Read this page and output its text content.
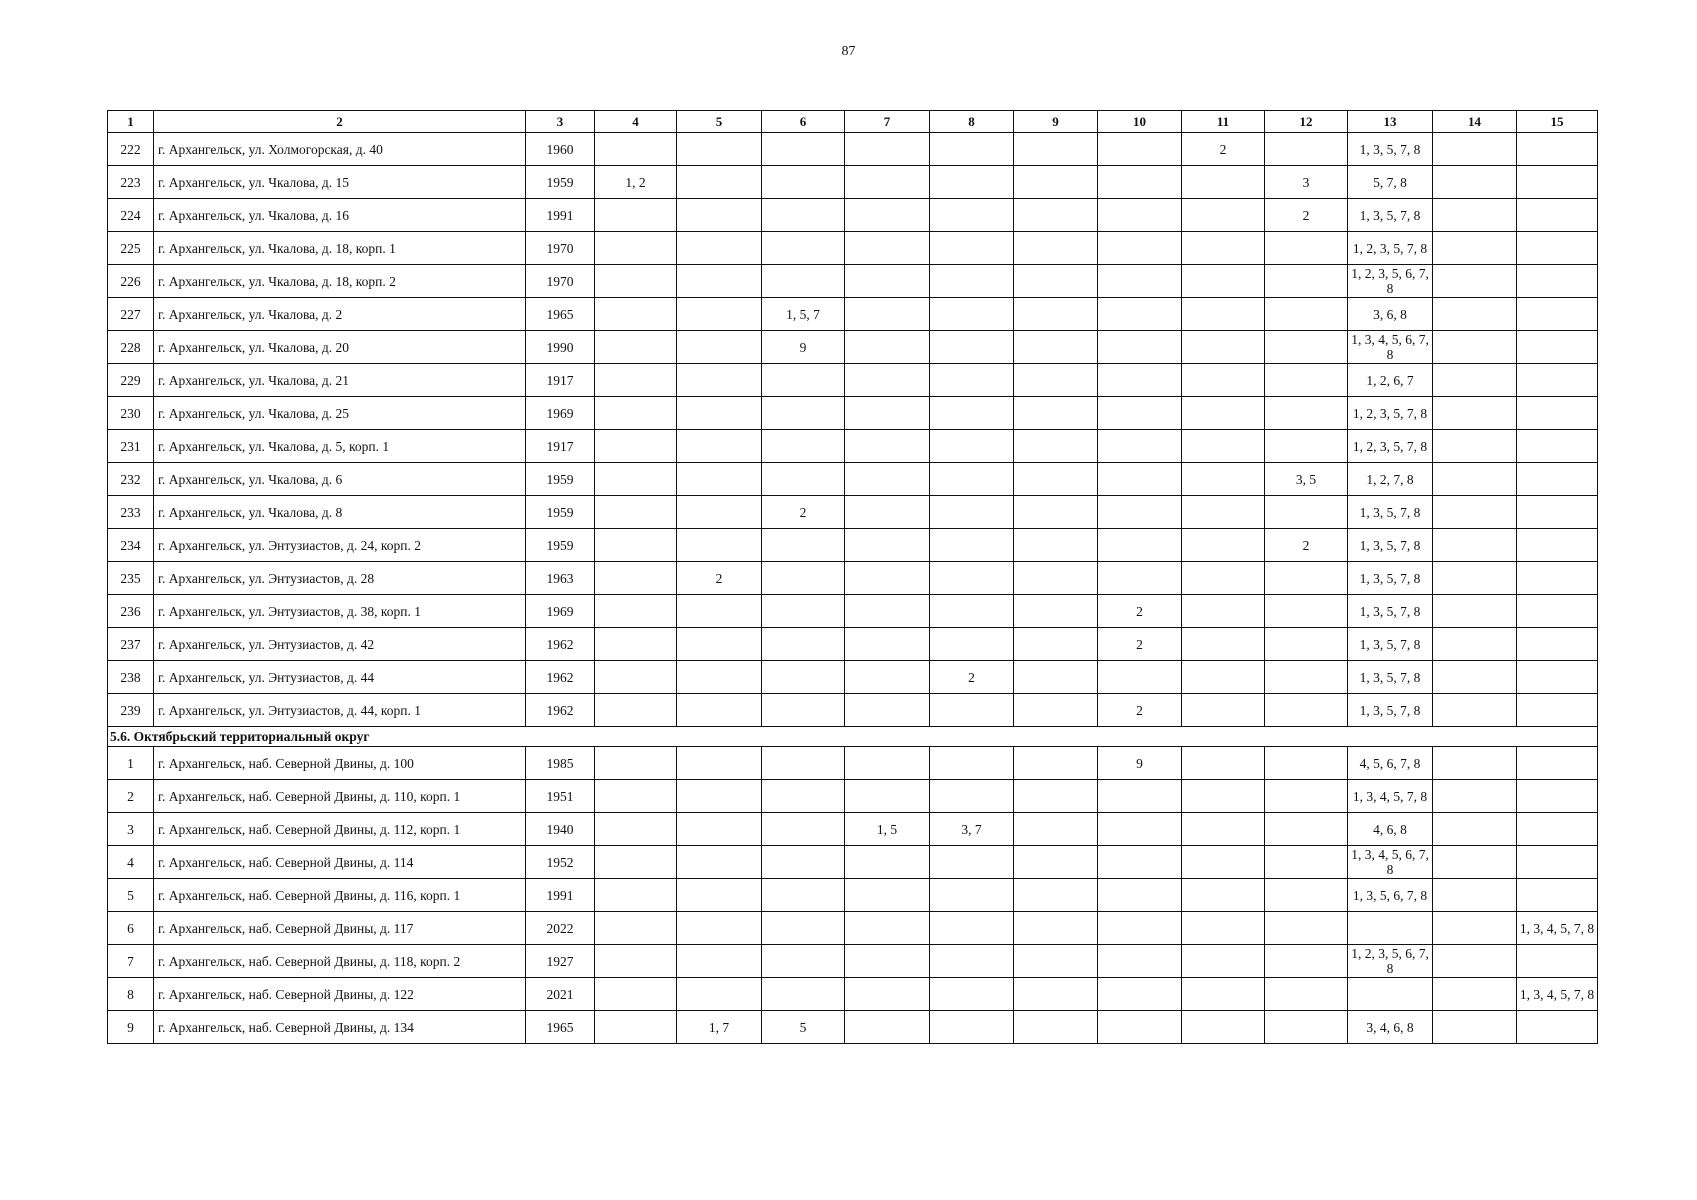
87
1	2	3	4	5	6	7	8	9	10	11	12	13	14	15
222	г. Архангельск, ул. Холмогорская, д. 40	1960								2		1, 3, 5, 7, 8		
223	г. Архангельск, ул. Чкалова, д. 15	1959	1, 2								3	5, 7, 8		
224	г. Архангельск, ул. Чкалова, д. 16	1991									2	1, 3, 5, 7, 8		
225	г. Архангельск, ул. Чкалова, д. 18, корп. 1	1970										1, 2, 3, 5, 7, 8		
226	г. Архангельск, ул. Чкалова, д. 18, корп. 2	1970										1, 2, 3, 5, 6, 7, 8		
227	г. Архангельск, ул. Чкалова, д. 2	1965			1, 5, 7							3, 6, 8		
228	г. Архангельск, ул. Чкалова, д. 20	1990			9							1, 3, 4, 5, 6, 7, 8		
229	г. Архангельск, ул. Чкалова, д. 21	1917										1, 2, 6, 7		
230	г. Архангельск, ул. Чкалова, д. 25	1969										1, 2, 3, 5, 7, 8		
231	г. Архангельск, ул. Чкалова, д. 5, корп. 1	1917										1, 2, 3, 5, 7, 8		
232	г. Архангельск, ул. Чкалова, д. 6	1959									3, 5	1, 2, 7, 8		
233	г. Архангельск, ул. Чкалова, д. 8	1959			2							1, 3, 5, 7, 8		
234	г. Архангельск, ул. Энтузиастов, д. 24, корп. 2	1959									2	1, 3, 5, 7, 8		
235	г. Архангельск, ул. Энтузиастов, д. 28	1963		2								1, 3, 5, 7, 8		
236	г. Архангельск, ул. Энтузиастов, д. 38, корп. 1	1969							2			1, 3, 5, 7, 8		
237	г. Архангельск, ул. Энтузиастов, д. 42	1962							2			1, 3, 5, 7, 8		
238	г. Архангельск, ул. Энтузиастов, д. 44	1962					2					1, 3, 5, 7, 8		
239	г. Архангельск, ул. Энтузиастов, д. 44, корп. 1	1962							2			1, 3, 5, 7, 8		
5.6. Октябрьский территориальный округ														
1	г. Архангельск, наб. Северной Двины, д. 100	1985							9			4, 5, 6, 7, 8		
2	г. Архангельск, наб. Северной Двины, д. 110, корп. 1	1951										1, 3, 4, 5, 7, 8		
3	г. Архангельск, наб. Северной Двины, д. 112, корп. 1	1940				1, 5	3, 7					4, 6, 8		
4	г. Архангельск, наб. Северной Двины, д. 114	1952										1, 3, 4, 5, 6, 7, 8		
5	г. Архангельск, наб. Северной Двины, д. 116, корп. 1	1991										1, 3, 5, 6, 7, 8		
6	г. Архангельск, наб. Северной Двины, д. 117	2022												1, 3, 4, 5, 7, 8
7	г. Архангельск, наб. Северной Двины, д. 118, корп. 2	1927										1, 2, 3, 5, 6, 7, 8		
8	г. Архангельск, наб. Северной Двины, д. 122	2021												1, 3, 4, 5, 7, 8
9	г. Архангельск, наб. Северной Двины, д. 134	1965		1, 7	5							3, 4, 6, 8		
